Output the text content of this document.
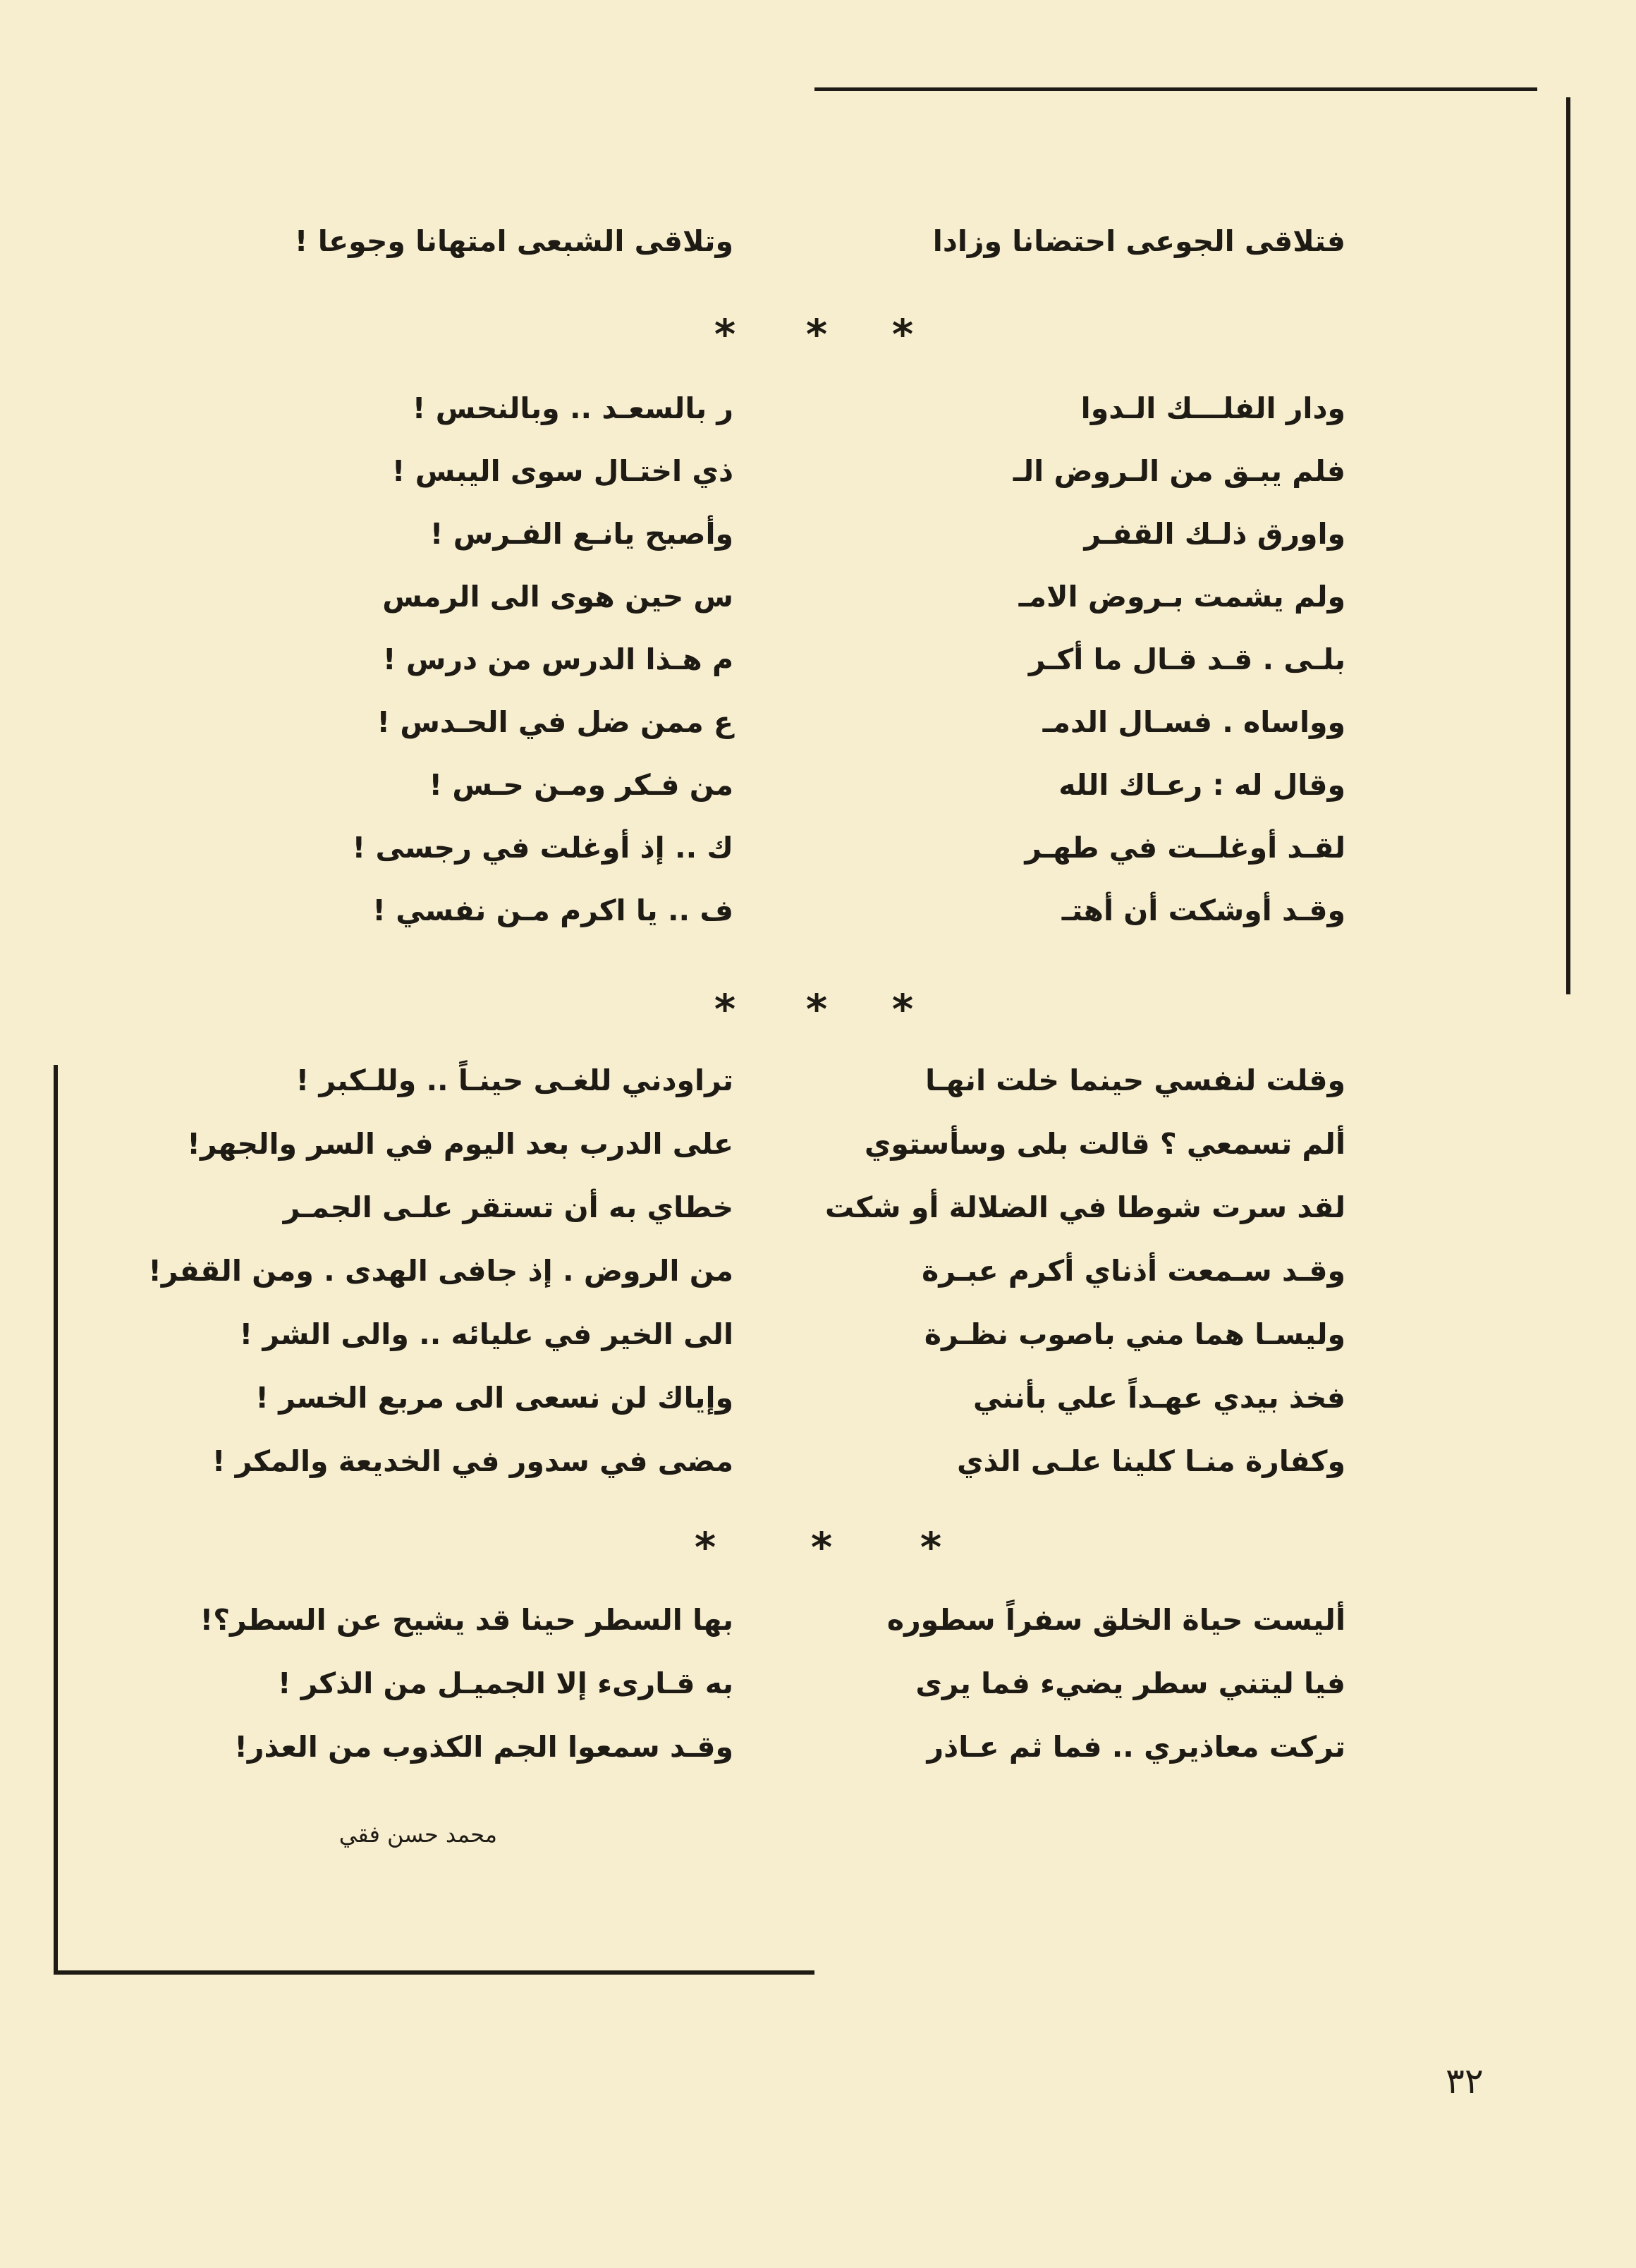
فتلاقى الجوعى احتضانا وزادا
وتلاقى الشبعى امتهانا وجوعا !
*
*
*
ودار الفلـــك الـدوا
ر بالسعـد .. وبالنحس !
فلم يبـق من الـروض الـ
ذي اختـال سوى اليبس !
واورق ذلـك القفـر
وأصبح يانـع الفـرس !
ولم يشمت بـروض الامـ
س حين هوى الى الرمس
بلـى . قـد قـال ما أكـر
م هـذا الدرس من درس !
وواساه . فسـال الدمـ
ع ممن ضل في الحـدس !
وقال له : رعـاك الله
من فـكر ومـن حـس !
لقـد أوغلــت في طهـر
ك .. إذ أوغلت في رجسى !
وقـد أوشكت أن أهتـ
ف .. يا اكرم مـن نفسي !
*
*
*
وقلت لنفسي حينما خلت انهـا
تراودني للغـى حينـاً .. وللـكبر !
ألم تسمعي ؟ قالت بلى وسأستوي
على الدرب بعد اليوم في السر والجهر!
لقد سرت شوطا في الضلالة أو شكت
خطاي به أن تستقر علـى الجمـر
وقـد سـمعت أذناي أكرم عبـرة
من الروض . إذ جافى الهدى . ومن القفر!
وليسـا هما مني باصوب نظـرة
الى الخير في عليائه .. والى الشر !
فخذ بيدي عهـداً علي بأنني
وإياك لن نسعى الى مربع الخسر !
وكفارة منـا كلينا علـى الذي
مضى في سدور في الخديعة والمكر !
*
*
*
أليست حياة الخلق سفراً سطوره
بها السطر حينا قد يشيح عن السطر؟!
فيا ليتني سطر يضيء فما يرى
به قـارىء إلا الجميـل من الذكر !
تركت معاذيري .. فما ثم عـاذر
وقـد سمعوا الجم الكذوب من العذر!
محمد حسن فقي
٣٢
